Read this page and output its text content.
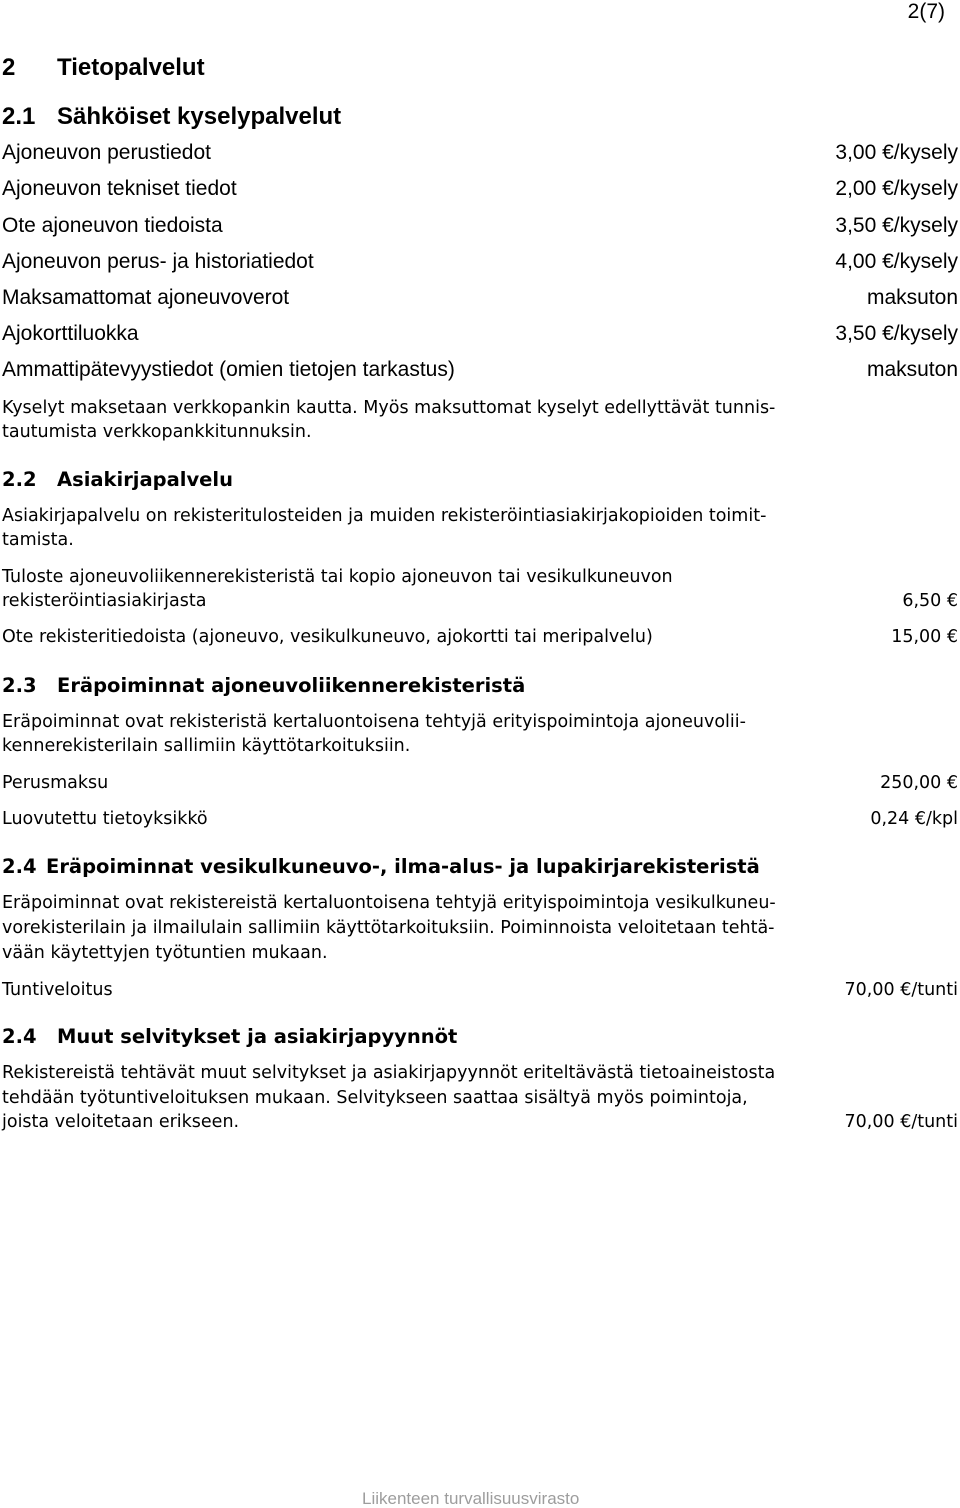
2(7)
2 Tietopalvelut
2.1 Sähköiset kyselypalvelut
Ajoneuvon perustiedot	3,00 €/kysely
Ajoneuvon tekniset tiedot	2,00 €/kysely
Ote ajoneuvon tiedoista	3,50 €/kysely
Ajoneuvon perus- ja historiatiedot	4,00 €/kysely
Maksamattomat ajoneuvoverot	maksuton
Ajokorttiluokka	3,50 €/kysely
Ammattipätevyystiedot (omien tietojen tarkastus)	maksuton
Kyselyt maksetaan verkkopankin kautta. Myös maksuttomat kyselyt edellyttävät tunnis-
tautumista verkkopankkitunnuksin.
2.2 Asiakirjapalvelu
Asiakirjapalvelu on rekisteritulosteiden ja muiden rekisteröintiasiakirjakopioiden toimit-
tamista.
Tuloste ajoneuvoliikennerekisteristä tai kopio ajoneuvon tai vesikulkuneuvon
rekisteröintiasiakirjasta	6,50 €
Ote rekisteritiedoista (ajoneuvo, vesikulkuneuvo, ajokortti tai meripalvelu)	15,00 €
2.3 Eräpoiminnat ajoneuvoliikennerekisteristä
Eräpoiminnat ovat rekisteristä kertaluontoisena tehtyjä erityispoimintoja ajoneuvolii-
kennerekisterilain sallimiin käyttötarkoituksiin.
Perusmaksu	250,00 €
Luovutettu tietoyksikkö	0,24 €/kpl
2.4 Eräpoiminnat vesikulkuneuvo-, ilma-alus- ja lupakirjarekisteristä
Eräpoiminnat ovat rekistereistä kertaluontoisena tehtyjä erityispoimintoja vesikulkuneu-
vorekisterilain ja ilmailulain sallimiin käyttötarkoituksiin. Poiminnoista veloitetaan tehtä-
vään käytettyjen työtuntien mukaan.
Tuntiveloitus	70,00 €/tunti
2.4 Muut selvitykset ja asiakirjapyynnöt
Rekistereistä tehtävät muut selvitykset ja asiakirjapyynnöt eriteltävästä tietoaineistosta
tehdään työtuntiveloituksen mukaan. Selvitykseen saattaa sisältyä myös poimintoja,
joista veloitetaan erikseen.	70,00 €/tunti
Liikenteen turvallisuusvirasto
